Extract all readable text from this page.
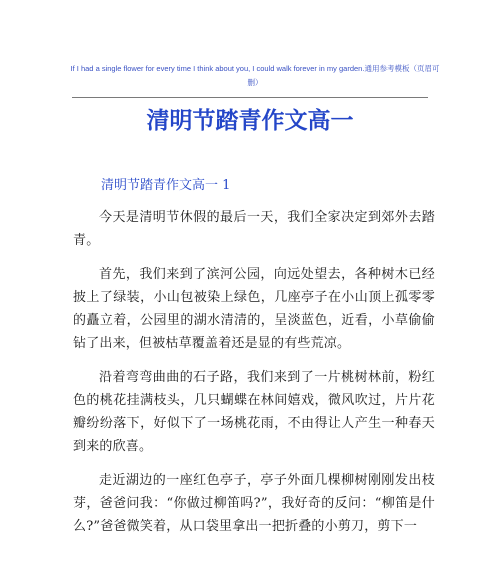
If I had a single flower for every time I think about you, I could walk forever in my garden.通用参考模板（页眉可删）
清明节踏青作文高一
清明节踏青作文高一 1

今天是清明节休假的最后一天，我们全家决定到郊外去踏青。

首先，我们来到了滨河公园，向远处望去，各种树木已经披上了绿装，小山包被染上绿色，几座亭子在小山顶上孤零零的矗立着，公园里的湖水清清的，呈淡蓝色，近看，小草偷偷钻了出来，但被枯草覆盖着还是显的有些荒凉。

沿着弯弯曲曲的石子路，我们来到了一片桃树林前，粉红色的桃花挂满枝头，几只蝴蝶在林间嬉戏，微风吹过，片片花瓣纷纷落下，好似下了一场桃花雨，不由得让人产生一种春天到来的欣喜。

走近湖边的一座红色亭子，亭子外面几棵柳树刚刚发出枝芽，爸爸问我：“你做过柳笛吗?”，我好奇的反问：“柳笛是什么?”爸爸微笑着，从口袋里拿出一把折叠的小剪刀，剪下一
